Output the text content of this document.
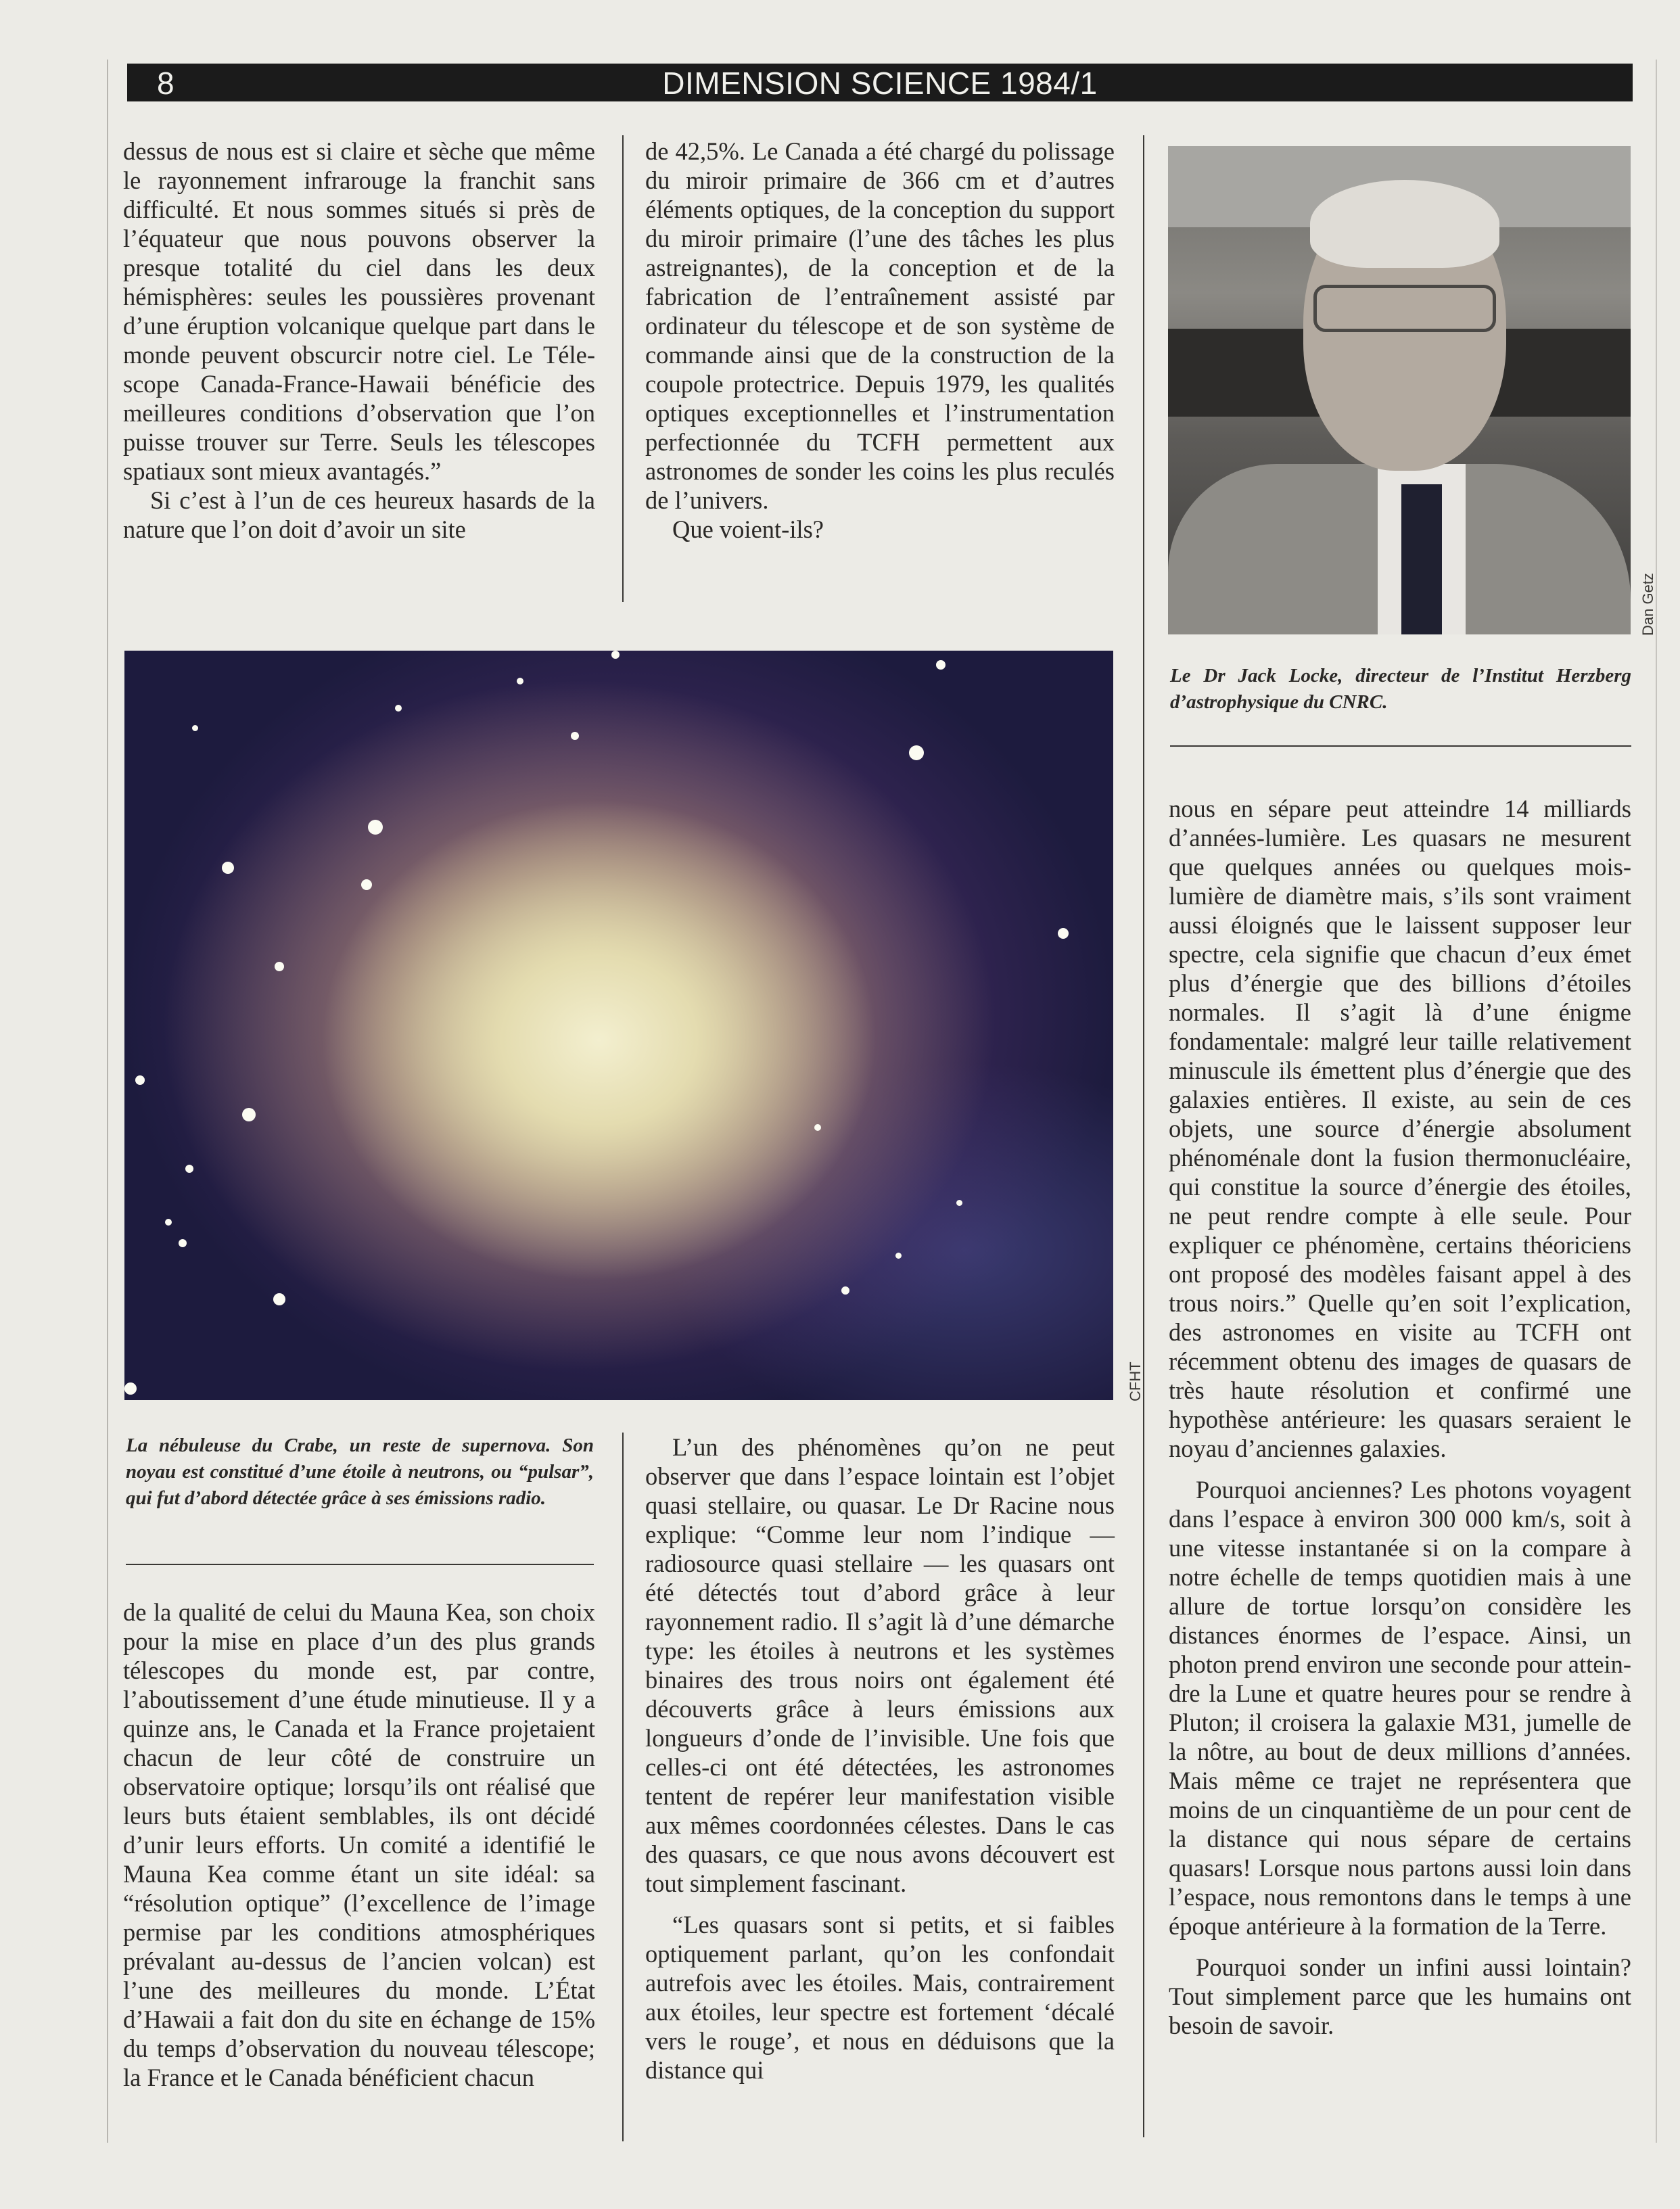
8	DIMENSION SCIENCE 1984/1

dessus de nous est si claire et sèche que même le rayonnement infrarouge la franchit sans difficulté. Et nous sommes situés si près de l’équateur que nous pouvons observer la presque totalité du ciel dans les deux hémisphères: seules les poussières provenant d’une éruption volcanique quelque part dans le monde peuvent obscurcir notre ciel. Le Télescope Canada-France-Hawaii bénéficie des meilleures conditions d’observation que l’on puisse trouver sur Terre. Seuls les télescopes spatiaux sont mieux avantagés.”

Si c’est à l’un de ces heureux hasards de la nature que l’on doit d’avoir un site

de 42,5%. Le Canada a été chargé du polissage du miroir primaire de 366 cm et d’autres éléments optiques, de la conception du support du miroir primaire (l’une des tâches les plus astreignantes), de la conception et de la fabrication de l’entraînement assisté par ordinateur du télescope et de son système de commande ainsi que de la construction de la coupole protectrice. Depuis 1979, les qualités optiques exceptionnelles et l’instrumentation perfectionnée du TCFH permettent aux astronomes de sonder les coins les plus reculés de l’univers.

Que voient-ils?

Dan Getz
Le Dr Jack Locke, directeur de l’Institut Herzberg d’astrophysique du CNRC.
CFHT
La nébuleuse du Crabe, un reste de supernova. Son noyau est constitué d’une étoile à neutrons, ou “pulsar”, qui fut d’abord détectée grâce à ses émissions radio.

de la qualité de celui du Mauna Kea, son choix pour la mise en place d’un des plus grands télescopes du monde est, par contre, l’aboutissement d’une étude minutieuse. Il y a quinze ans, le Canada et la France projetaient chacun de leur côté de construire un observatoire optique; lorsqu’ils ont réalisé que leurs buts étaient semblables, ils ont décidé d’unir leurs efforts. Un comité a identifié le Mauna Kea comme étant un site idéal: sa “résolution optique” (l’excellence de l’image permise par les conditions atmosphériques prévalant au-dessus de l’ancien volcan) est l’une des meilleures du monde. L’État d’Hawaii a fait don du site en échange de 15% du temps d’observation du nouveau télescope; la France et le Canada bénéficient chacun

L’un des phénomènes qu’on ne peut observer que dans l’espace lointain est l’objet quasi stellaire, ou quasar. Le Dr Racine nous explique: “Comme leur nom l’indique — radiosource quasi stellaire — les quasars ont été détectés tout d’abord grâce à leur rayonnement radio. Il s’agit là d’une démarche type: les étoiles à neutrons et les systèmes binaires des trous noirs ont également été découverts grâce à leurs émissions aux longueurs d’onde de l’invisible. Une fois que celles-ci ont été détectées, les astronomes tentent de repérer leur manifestation visible aux mêmes coordonnées célestes. Dans le cas des quasars, ce que nous avons découvert est tout simplement fascinant.

“Les quasars sont si petits, et si faibles optiquement parlant, qu’on les confondait autrefois avec les étoiles. Mais, contrairement aux étoiles, leur spectre est fortement ‘décalé vers le rouge’, et nous en déduisons que la distance qui

nous en sépare peut atteindre 14 milliards d’années-lumière. Les quasars ne mesurent que quelques années ou quelques mois-lumière de diamètre mais, s’ils sont vraiment aussi éloignés que le laissent supposer leur spectre, cela signifie que chacun d’eux émet plus d’énergie que des billions d’étoiles normales. Il s’agit là d’une énigme fondamentale: malgré leur taille relativement minuscule ils émettent plus d’énergie que des galaxies entières. Il existe, au sein de ces objets, une source d’énergie absolument phénoménale dont la fusion thermonucléaire, qui constitue la source d’énergie des étoiles, ne peut rendre compte à elle seule. Pour expliquer ce phénomène, certains théoriciens ont proposé des modèles faisant appel à des trous noirs.” Quelle qu’en soit l’explication, des astronomes en visite au TCFH ont récemment obtenu des images de quasars de très haute résolution et confirmé une hypothèse antérieure: les quasars seraient le noyau d’anciennes galaxies.

Pourquoi anciennes? Les photons voyagent dans l’espace à environ 300 000 km/s, soit à une vitesse instantanée si on la compare à notre échelle de temps quotidien mais à une allure de tortue lorsqu’on considère les distances énormes de l’espace. Ainsi, un photon prend environ une seconde pour atteindre la Lune et quatre heures pour se rendre à Pluton; il croisera la galaxie M31, jumelle de la nôtre, au bout de deux millions d’années. Mais même ce trajet ne représentera que moins de un cinquantième de un pour cent de la distance qui nous sépare de certains quasars! Lorsque nous partons aussi loin dans l’espace, nous remontons dans le temps à une époque antérieure à la formation de la Terre.

Pourquoi sonder un infini aussi lointain? Tout simplement parce que les humains ont besoin de savoir.
